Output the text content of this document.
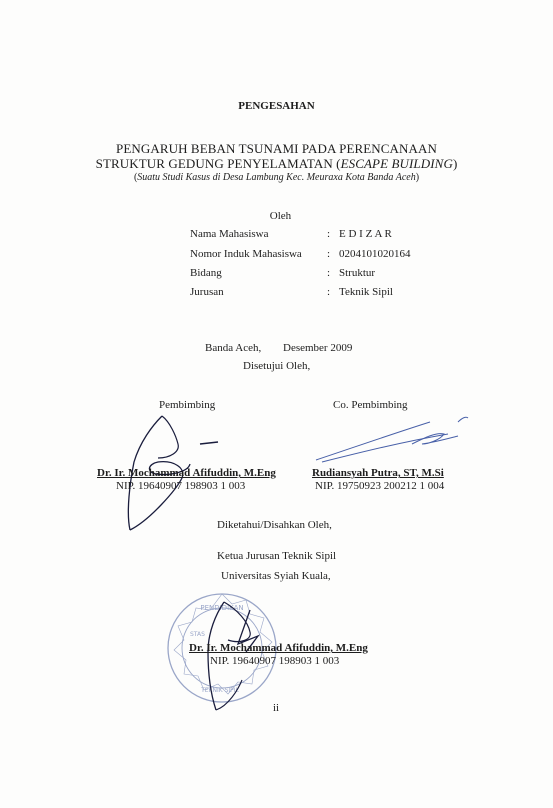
PENGESAHAN
PENGARUH BEBAN TSUNAMI PADA PERENCANAAN
STRUKTUR GEDUNG PENYELAMATAN (ESCAPE BUILDING)
(Suatu Studi Kasus di Desa Lambung Kec. Meuraxa Kota Banda Aceh)
Oleh
Nama Mahasiswa	: E D I Z A R
Nomor Induk Mahasiswa : 0204101020164
Bidang	: Struktur
Jurusan	: Teknik Sipil
Banda Aceh, Desember 2009
Disetujui Oleh,
Pembimbing	Co. Pembimbing
Dr. Ir. Mochammad Afifuddin, M.Eng
NIP. 19640907 198903 1 003
Rudiansyah Putra, ST, M.Si
NIP. 19750923 200212 1 004
Diketahui/Disahkan Oleh,
Ketua Jurusan Teknik Sipil
Universitas Syiah Kuala,
PENDIDIKAN
STAS
TEKNIK SIPIL
Dr. Ir. Mochammad Afifuddin, M.Eng
NIP. 19640907 198903 1 003
ii
